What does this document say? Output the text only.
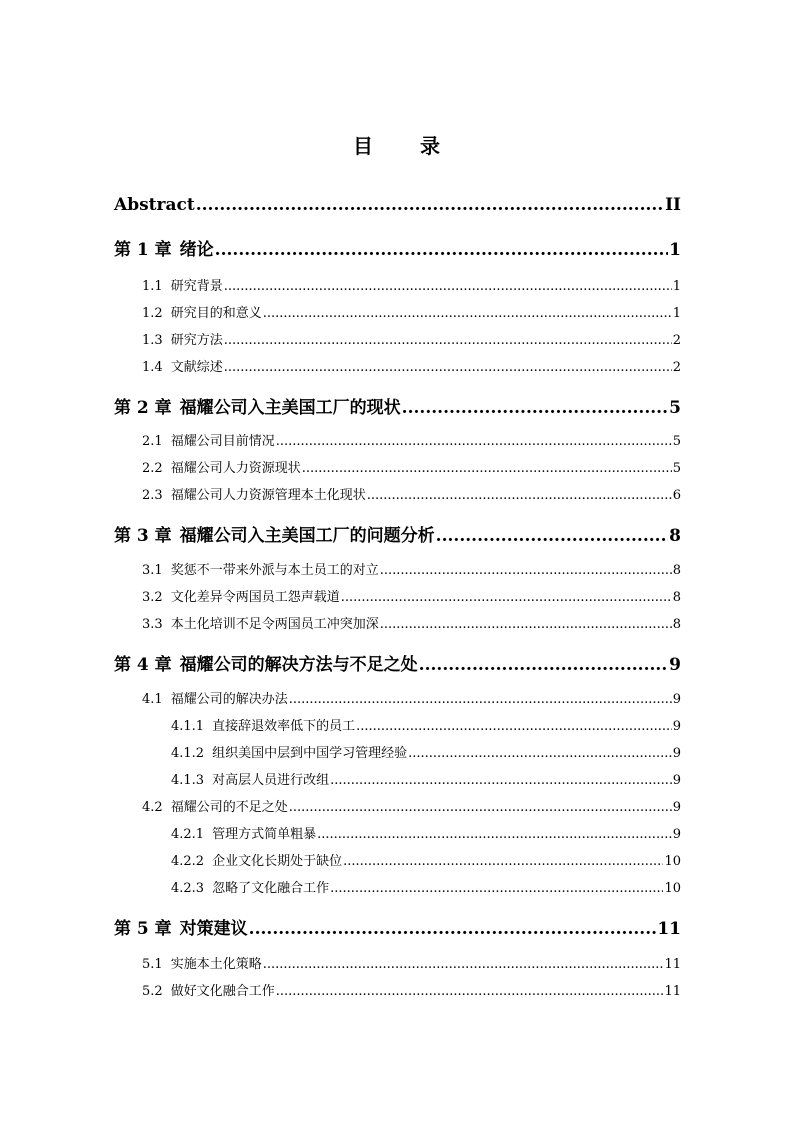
目 录
Abstract .....	II
第 1 章 绪论 .....	1
1.1 研究背景 .....	1
1.2 研究目的和意义 .....	1
1.3 研究方法 .....	2
1.4 文献综述 .....	2
第 2 章 福耀公司入主美国工厂的现状 .....	5
2.1 福耀公司目前情况 .....	5
2.2 福耀公司人力资源现状 .....	5
2.3 福耀公司人力资源管理本土化现状 .....	6
第 3 章 福耀公司入主美国工厂的问题分析 .....	8
3.1 奖惩不一带来外派与本土员工的对立 .....	8
3.2 文化差异令两国员工怨声载道 .....	8
3.3 本土化培训不足令两国员工冲突加深 .....	8
第 4 章 福耀公司的解决方法与不足之处 .....	9
4.1 福耀公司的解决办法 .....	9
4.1.1 直接辞退效率低下的员工 .....	9
4.1.2 组织美国中层到中国学习管理经验 .....	9
4.1.3 对高层人员进行改组 .....	9
4.2 福耀公司的不足之处 .....	9
4.2.1 管理方式简单粗暴 .....	9
4.2.2 企业文化长期处于缺位 .....	10
4.2.3 忽略了文化融合工作 .....	10
第 5 章 对策建议 .....	11
5.1 实施本土化策略 .....	11
5.2 做好文化融合工作 .....	11
